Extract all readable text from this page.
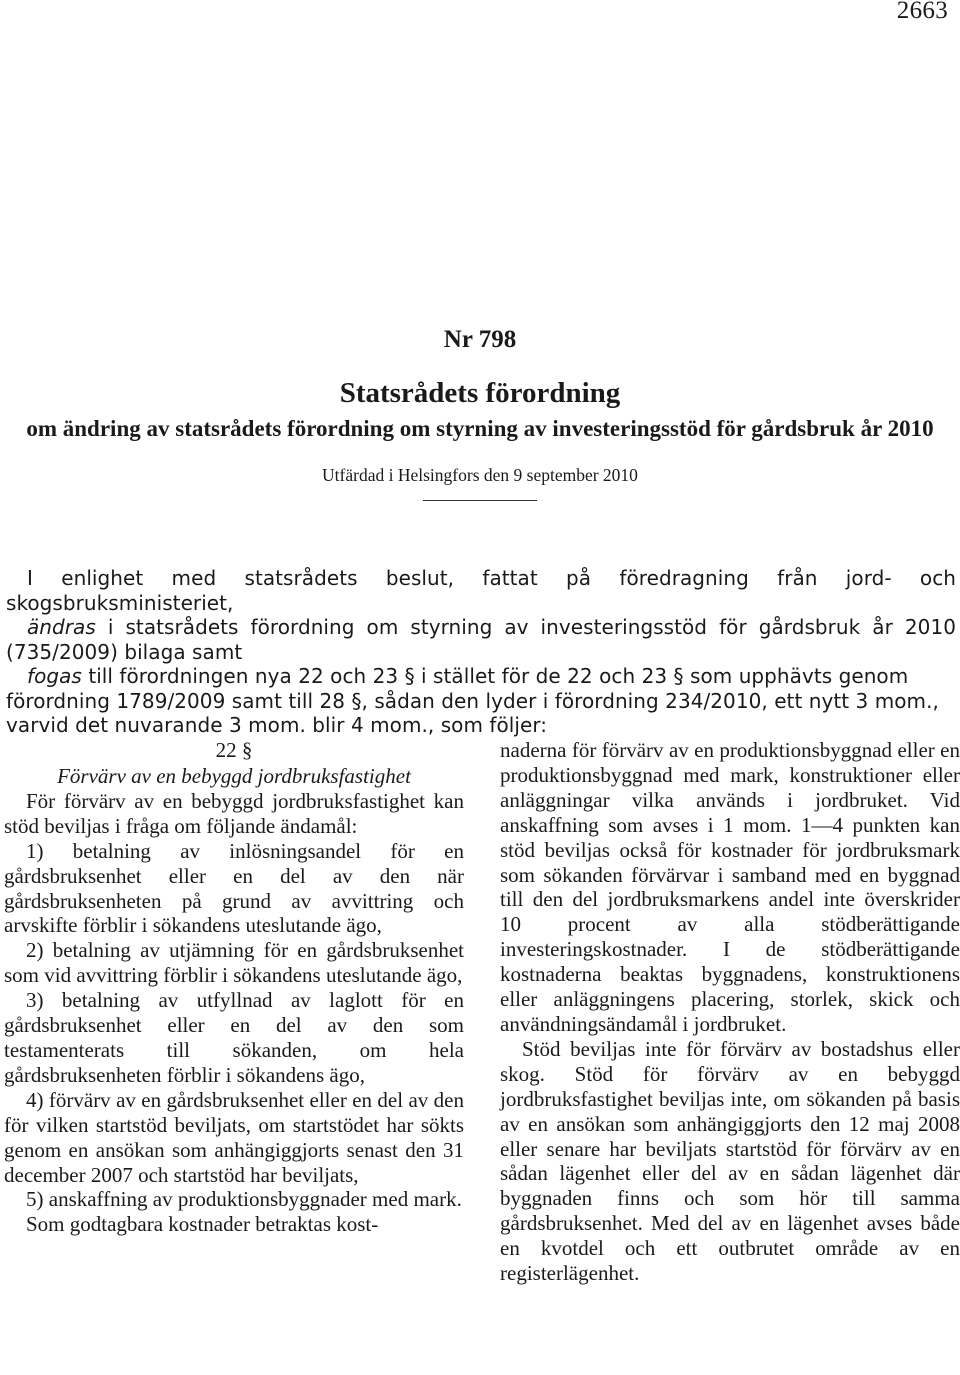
2663

Nr 798

Statsrådets förordning

om ändring av statsrådets förordning om styrning av investeringsstöd för gårdsbruk år 2010

Utfärdad i Helsingfors den 9 september 2010

I enlighet med statsrådets beslut, fattat på föredragning från jord- och skogsbruksministeriet,

ändras i statsrådets förordning om styrning av investeringsstöd för gårdsbruk år 2010 (735/2009) bilaga samt

fogas till förordningen nya 22 och 23 § i stället för de 22 och 23 § som upphävts genom förordning 1789/2009 samt till 28 §, sådan den lyder i förordning 234/2010, ett nytt 3 mom., varvid det nuvarande 3 mom. blir 4 mom., som följer:

22 §

Förvärv av en bebyggd jordbruksfastighet

För förvärv av en bebyggd jordbruksfastighet kan stöd beviljas i fråga om följande ändamål:

1) betalning av inlösningsandel för en gårdsbruksenhet eller en del av den när gårdsbruksenheten på grund av avvittring och arvskifte förblir i sökandens uteslutande ägo,

2) betalning av utjämning för en gårdsbruksenhet som vid avvittring förblir i sökandens uteslutande ägo,

3) betalning av utfyllnad av laglott för en gårdsbruksenhet eller en del av den som testamenterats till sökanden, om hela gårdsbruksenheten förblir i sökandens ägo,

4) förvärv av en gårdsbruksenhet eller en del av den för vilken startstöd beviljats, om startstödet har sökts genom en ansökan som anhängiggjorts senast den 31 december 2007 och startstöd har beviljats,

5) anskaffning av produktionsbyggnader med mark.

Som godtagbara kostnader betraktas kost-

naderna för förvärv av en produktionsbyggnad eller en produktionsbyggnad med mark, konstruktioner eller anläggningar vilka används i jordbruket. Vid anskaffning som avses i 1 mom. 1—4 punkten kan stöd beviljas också för kostnader för jordbruksmark som sökanden förvärvar i samband med en byggnad till den del jordbruksmarkens andel inte överskrider 10 procent av alla stödberättigande investeringskostnader. I de stödberättigande kostnaderna beaktas byggnadens, konstruktionens eller anläggningens placering, storlek, skick och användningsändamål i jordbruket.

Stöd beviljas inte för förvärv av bostadshus eller skog. Stöd för förvärv av en bebyggd jordbruksfastighet beviljas inte, om sökanden på basis av en ansökan som anhängiggjorts den 12 maj 2008 eller senare har beviljats startstöd för förvärv av en sådan lägenhet eller del av en sådan lägenhet där byggnaden finns och som hör till samma gårdsbruksenhet. Med del av en lägenhet avses både en kvotdel och ett outbrutet område av en registerlägenhet.
